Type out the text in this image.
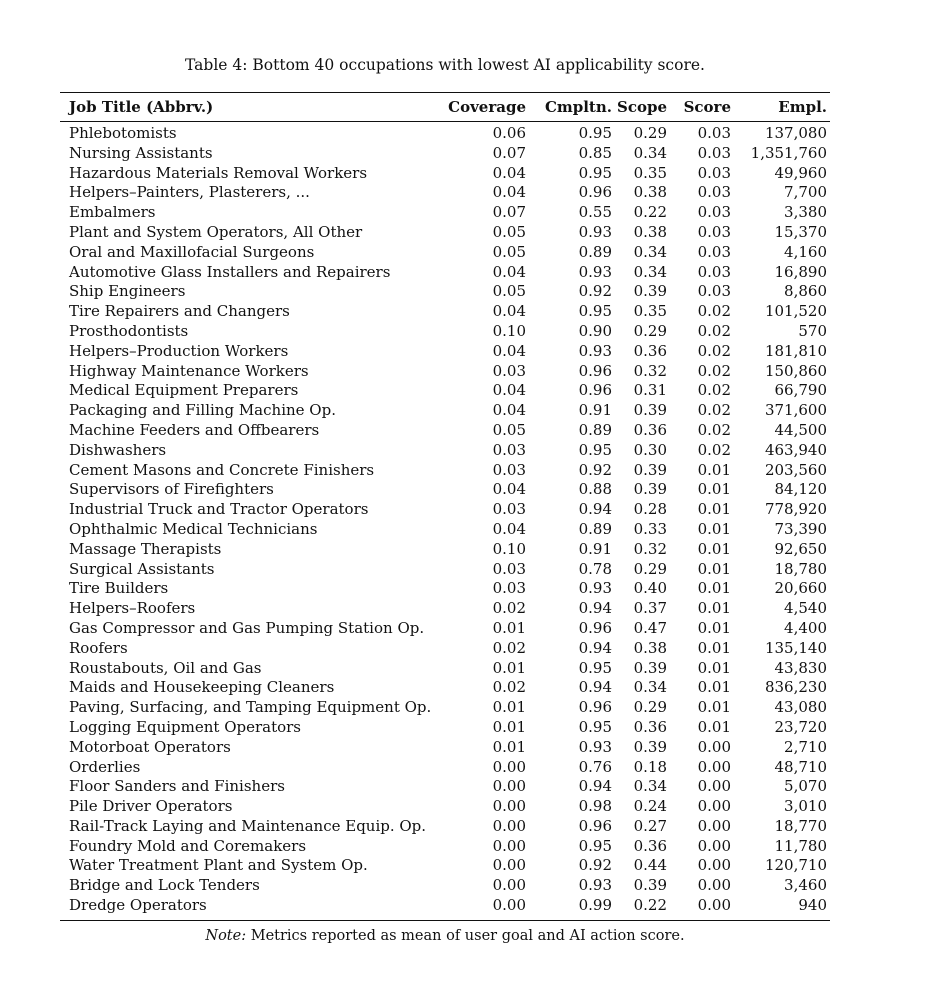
Table 4: Bottom 40 occupations with lowest AI applicability score.
Job Title (Abbrv.)	Coverage	Cmpltn.	Scope	Score	Empl.
Phlebotomists	0.06	0.95	0.29	0.03	137,080
Nursing Assistants	0.07	0.85	0.34	0.03	1,351,760
Hazardous Materials Removal Workers	0.04	0.95	0.35	0.03	49,960
Helpers–Painters, Plasterers, ...	0.04	0.96	0.38	0.03	7,700
Embalmers	0.07	0.55	0.22	0.03	3,380
Plant and System Operators, All Other	0.05	0.93	0.38	0.03	15,370
Oral and Maxillofacial Surgeons	0.05	0.89	0.34	0.03	4,160
Automotive Glass Installers and Repairers	0.04	0.93	0.34	0.03	16,890
Ship Engineers	0.05	0.92	0.39	0.03	8,860
Tire Repairers and Changers	0.04	0.95	0.35	0.02	101,520
Prosthodontists	0.10	0.90	0.29	0.02	570
Helpers–Production Workers	0.04	0.93	0.36	0.02	181,810
Highway Maintenance Workers	0.03	0.96	0.32	0.02	150,860
Medical Equipment Preparers	0.04	0.96	0.31	0.02	66,790
Packaging and Filling Machine Op.	0.04	0.91	0.39	0.02	371,600
Machine Feeders and Offbearers	0.05	0.89	0.36	0.02	44,500
Dishwashers	0.03	0.95	0.30	0.02	463,940
Cement Masons and Concrete Finishers	0.03	0.92	0.39	0.01	203,560
Supervisors of Firefighters	0.04	0.88	0.39	0.01	84,120
Industrial Truck and Tractor Operators	0.03	0.94	0.28	0.01	778,920
Ophthalmic Medical Technicians	0.04	0.89	0.33	0.01	73,390
Massage Therapists	0.10	0.91	0.32	0.01	92,650
Surgical Assistants	0.03	0.78	0.29	0.01	18,780
Tire Builders	0.03	0.93	0.40	0.01	20,660
Helpers–Roofers	0.02	0.94	0.37	0.01	4,540
Gas Compressor and Gas Pumping Station Op.	0.01	0.96	0.47	0.01	4,400
Roofers	0.02	0.94	0.38	0.01	135,140
Roustabouts, Oil and Gas	0.01	0.95	0.39	0.01	43,830
Maids and Housekeeping Cleaners	0.02	0.94	0.34	0.01	836,230
Paving, Surfacing, and Tamping Equipment Op.	0.01	0.96	0.29	0.01	43,080
Logging Equipment Operators	0.01	0.95	0.36	0.01	23,720
Motorboat Operators	0.01	0.93	0.39	0.00	2,710
Orderlies	0.00	0.76	0.18	0.00	48,710
Floor Sanders and Finishers	0.00	0.94	0.34	0.00	5,070
Pile Driver Operators	0.00	0.98	0.24	0.00	3,010
Rail-Track Laying and Maintenance Equip. Op.	0.00	0.96	0.27	0.00	18,770
Foundry Mold and Coremakers	0.00	0.95	0.36	0.00	11,780
Water Treatment Plant and System Op.	0.00	0.92	0.44	0.00	120,710
Bridge and Lock Tenders	0.00	0.93	0.39	0.00	3,460
Dredge Operators	0.00	0.99	0.22	0.00	940
Note: Metrics reported as mean of user goal and AI action score.
